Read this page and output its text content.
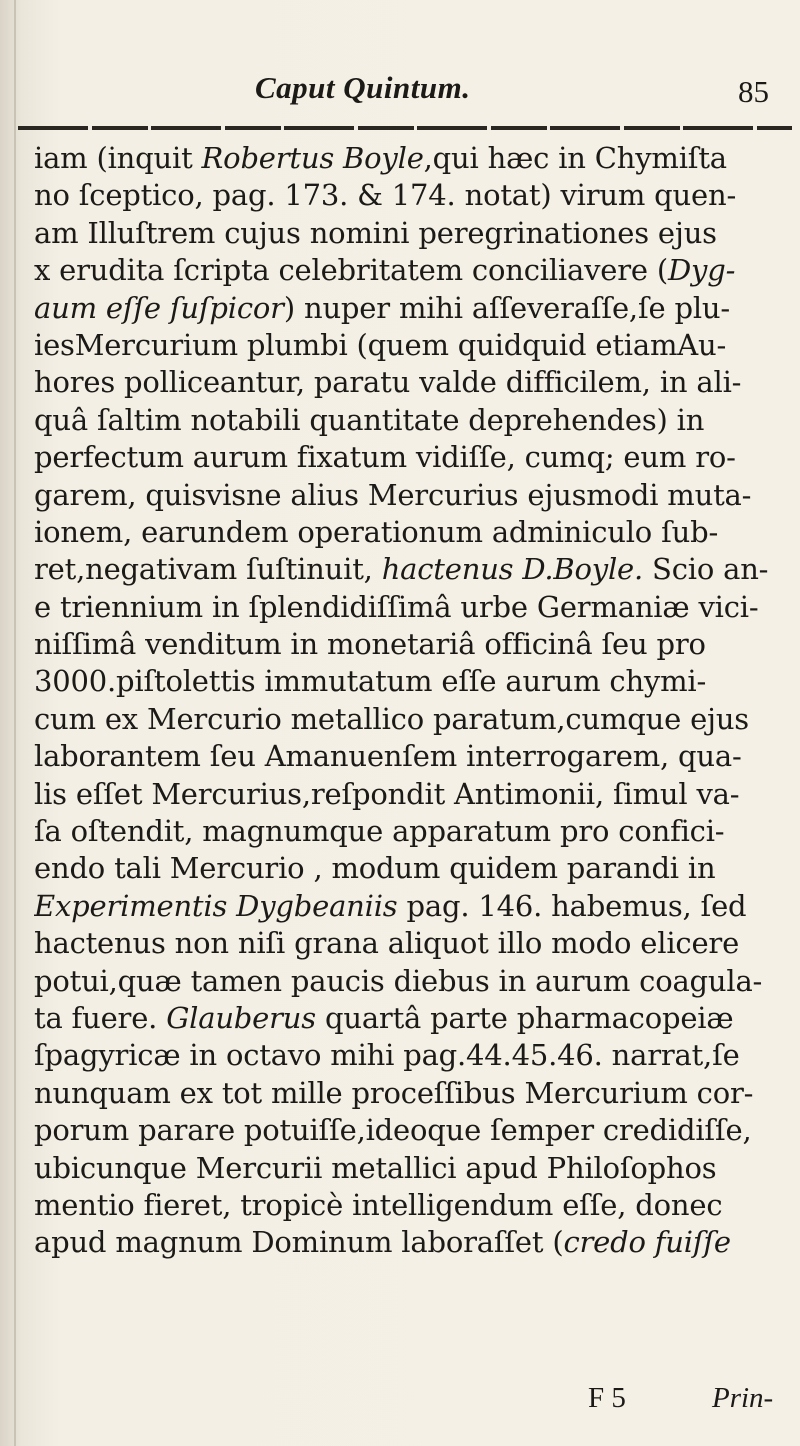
Caput Quintum.	85
iam (inquit Robertus Boyle,qui hæc in Chymiſta
no ſceptico, pag. 173. & 174. notat) virum quen-
am Illuſtrem cujus nomini peregrinationes ejus
x erudita ſcripta celebritatem conciliavere (Dyg-
aum eſſe ſuſpicor) nuper mihi aſſeveraſſe,ſe plu-
iesMercurium plumbi (quem quidquid etiamAu-
hores polliceantur, paratu valde difficilem, in ali-
quâ ſaltim notabili quantitate deprehendes) in
perfectum aurum fixatum vidiſſe, cumq; eum ro-
garem, quisvisne alius Mercurius ejusmodi muta-
ionem, earundem operationum adminiculo ſub-
ret,negativam ſuſtinuit, hactenus D.Boyle. Scio an-
e triennium in ſplendidiſſimâ urbe Germaniæ vici-
niſſimâ venditum in monetariâ officinâ ſeu pro
3000.piſtolettis immutatum eſſe aurum chymi-
cum ex Mercurio metallico paratum,cumque ejus
laborantem ſeu Amanuenſem interrogarem, qua-
lis eſſet Mercurius,reſpondit Antimonii, ſimul va-
ſa oſtendit, magnumque apparatum pro confici-
endo tali Mercurio , modum quidem parandi in
Experimentis Dygbeaniis pag. 146. habemus, ſed
hactenus non niſi grana aliquot illo modo elicere
potui,quæ tamen paucis diebus in aurum coagula-
ta fuere. Glauberus quartâ parte pharmacopeiæ
ſpagyricæ in octavo mihi pag.44.45.46. narrat,ſe
nunquam ex tot mille proceſſibus Mercurium cor-
porum parare potuiſſe,ideoque ſemper credidiſſe,
ubicunque Mercurii metallici apud Philoſophos
mentio fieret, tropicè intelligendum eſſe, donec
apud magnum Dominum laboraſſet (credo fuiſſe
F 5	Prin-
